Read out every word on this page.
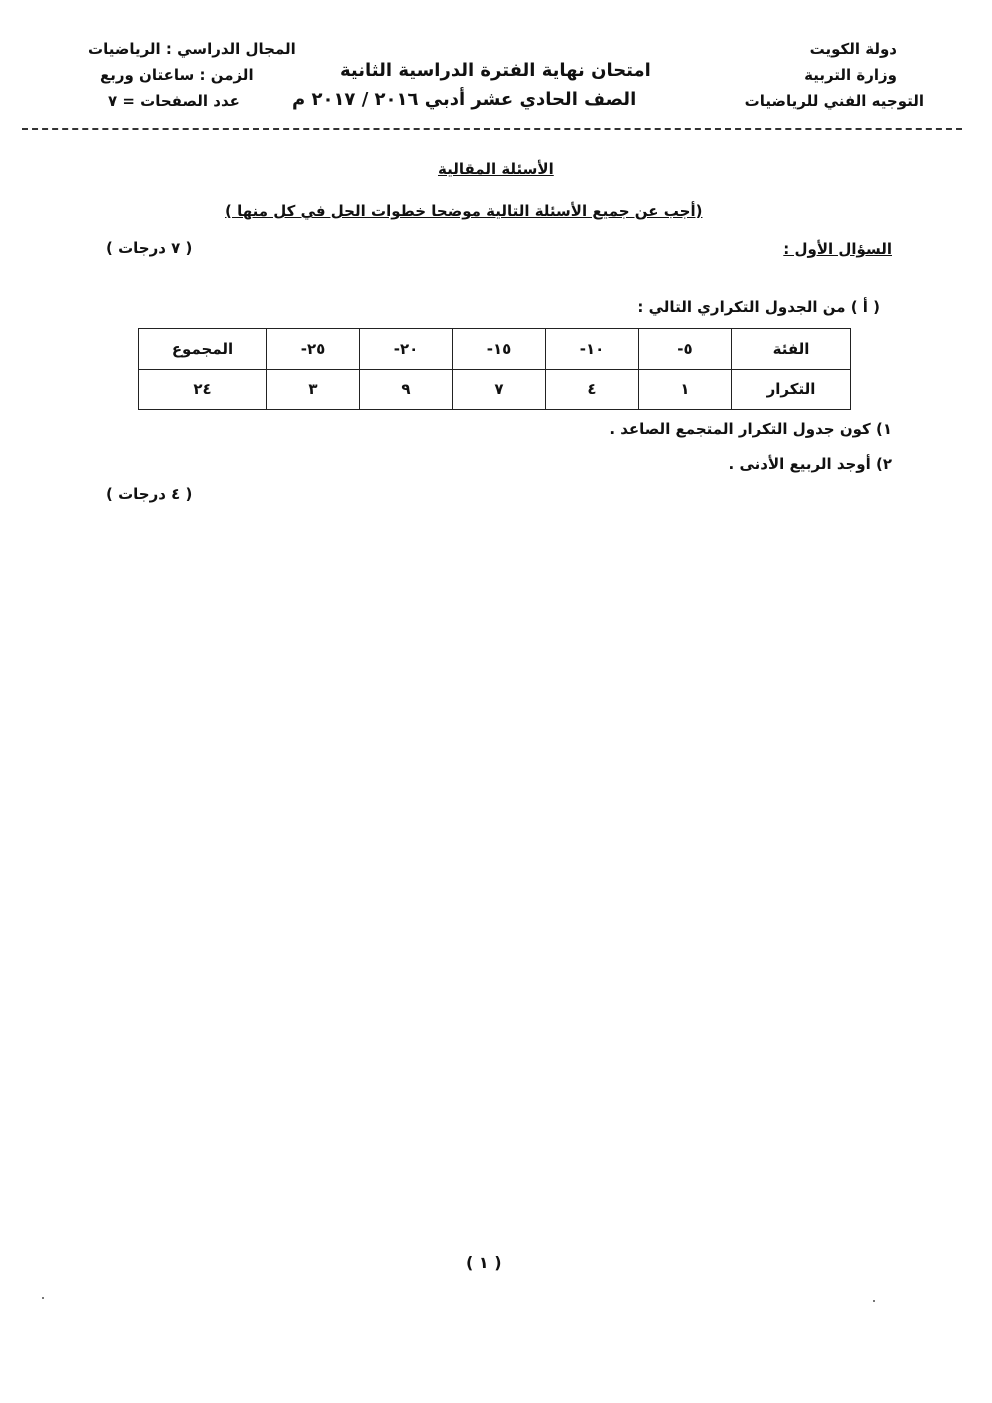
دولة الكويت
وزارة التربية
التوجيه الفني للرياضيات
امتحان نهاية الفترة الدراسية الثانية
الصف الحادي عشر أدبي ٢٠١٦ / ٢٠١٧ م
المجال الدراسي : الرياضيات
الزمن : ساعتان وربع
عدد الصفحات = ٧
الأسئلة المقالية
(أجب عن جميع الأسئلة التالية موضحا خطوات الحل في كل منها )
السؤال الأول :
( ٧ درجات )
( أ ) من الجدول التكراري التالي :
الفئة	٥-	١٠-	١٥-	٢٠-	٢٥-	المجموع
التكرار	١	٤	٧	٩	٣	٢٤
١) كون جدول التكرار المتجمع الصاعد .
٢) أوجد الربيع الأدنى .
( ٤ درجات )
( ١ )
